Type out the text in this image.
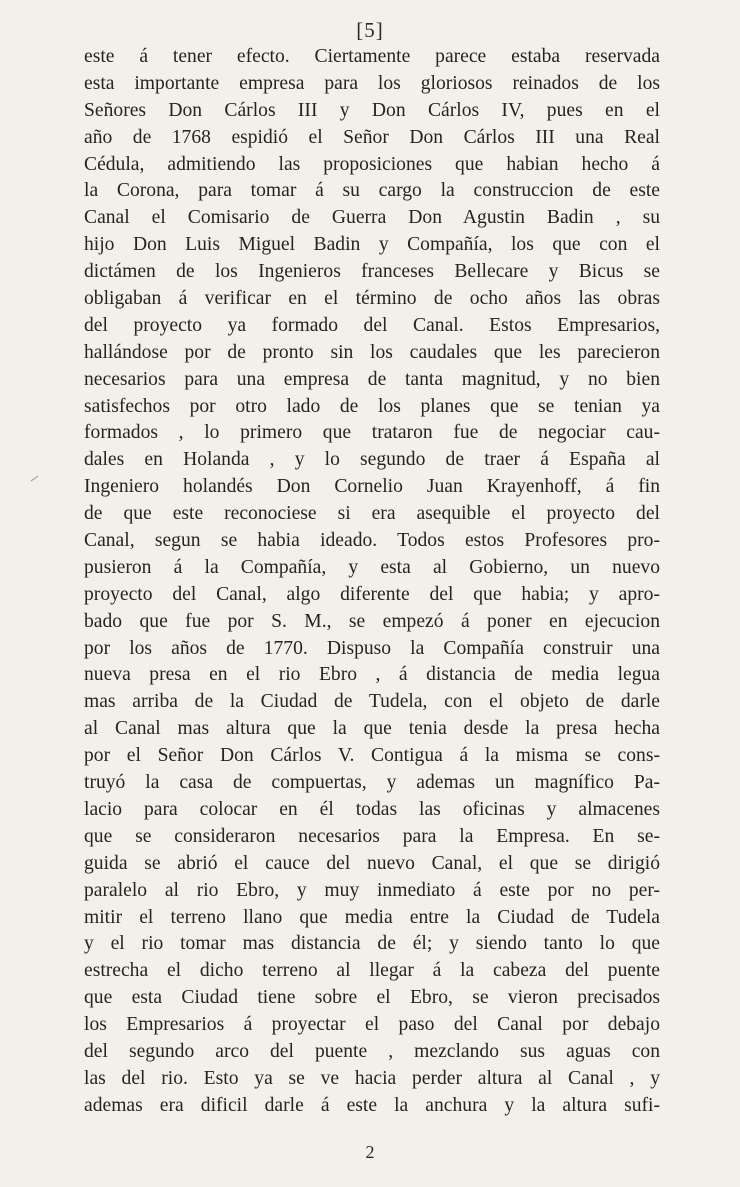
[5]
este á tener efecto. Ciertamente parece estaba reservada
esta importante empresa para los gloriosos reinados de los
Señores Don Cárlos III y Don Cárlos IV, pues en el
año de 1768 espidió el Señor Don Cárlos III una Real
Cédula, admitiendo las proposiciones que habian hecho á
la Corona, para tomar á su cargo la construccion de este
Canal el Comisario de Guerra Don Agustin Badin , su
hijo Don Luis Miguel Badin y Compañía, los que con el
dictámen de los Ingenieros franceses Bellecare y Bicus se
obligaban á verificar en el término de ocho años las obras
del proyecto ya formado del Canal. Estos Empresarios,
hallándose por de pronto sin los caudales que les parecieron
necesarios para una empresa de tanta magnitud, y no bien
satisfechos por otro lado de los planes que se tenian ya
formados , lo primero que trataron fue de negociar cau-
dales en Holanda , y lo segundo de traer á España al
Ingeniero holandés Don Cornelio Juan Krayenhoff, á fin
de que este reconociese si era asequible el proyecto del
Canal, segun se habia ideado. Todos estos Profesores pro-
pusieron á la Compañía, y esta al Gobierno, un nuevo
proyecto del Canal, algo diferente del que habia; y apro-
bado que fue por S. M., se empezó á poner en ejecucion
por los años de 1770. Dispuso la Compañía construir una
nueva presa en el rio Ebro , á distancia de media legua
mas arriba de la Ciudad de Tudela, con el objeto de darle
al Canal mas altura que la que tenia desde la presa hecha
por el Señor Don Cárlos V. Contigua á la misma se cons-
truyó la casa de compuertas, y ademas un magnífico Pa-
lacio para colocar en él todas las oficinas y almacenes
que se consideraron necesarios para la Empresa. En se-
guida se abrió el cauce del nuevo Canal, el que se dirigió
paralelo al rio Ebro, y muy inmediato á este por no per-
mitir el terreno llano que media entre la Ciudad de Tudela
y el rio tomar mas distancia de él; y siendo tanto lo que
estrecha el dicho terreno al llegar á la cabeza del puente
que esta Ciudad tiene sobre el Ebro, se vieron precisados
los Empresarios á proyectar el paso del Canal por debajo
del segundo arco del puente , mezclando sus aguas con
las del rio. Esto ya se ve hacia perder altura al Canal , y
ademas era dificil darle á este la anchura y la altura sufi-
2
